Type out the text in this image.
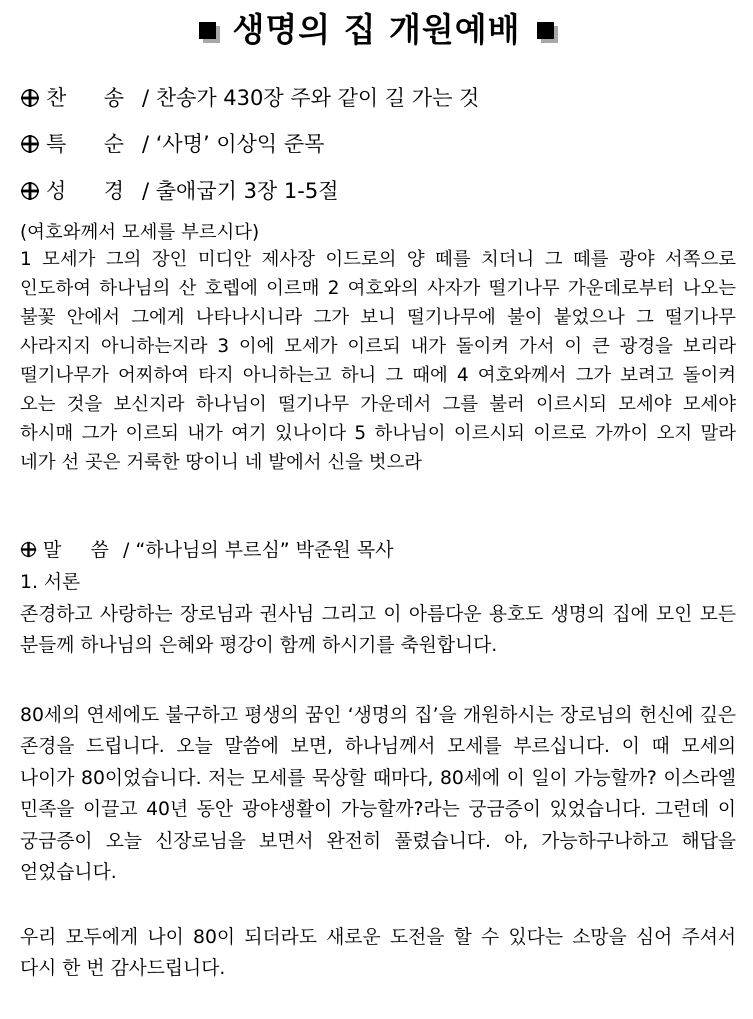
생명의 집 개원예배
찬 송 / 찬송가 430장 주와 같이 길 가는 것
특 순 / ‘사명’ 이상익 준목
성 경 / 출애굽기 3장 1-5절
(여호와께서 모세를 부르시다)

1 모세가 그의 장인 미디안 제사장 이드로의 양 떼를 치더니 그 떼를 광야 서쪽으로 인도하여 하나님의 산 호렙에 이르매 2 여호와의 사자가 떨기나무 가운데로부터 나오는 불꽃 안에서 그에게 나타나시니라 그가 보니 떨기나무에 불이 붙었으나 그 떨기나무 사라지지 아니하는지라 3 이에 모세가 이르되 내가 돌이켜 가서 이 큰 광경을 보리라 떨기나무가 어찌하여 타지 아니하는고 하니 그 때에 4 여호와께서 그가 보려고 돌이켜 오는 것을 보신지라 하나님이 떨기나무 가운데서 그를 불러 이르시되 모세야 모세야 하시매 그가 이르되 내가 여기 있나이다 5 하나님이 이르시되 이르로 가까이 오지 말라 네가 선 곳은 거룩한 땅이니 네 발에서 신을 벗으라

말 씀 / “하나님의 부르심” 박준원 목사
1. 서론

존경하고 사랑하는 장로님과 권사님 그리고 이 아름다운 용호도 생명의 집에 모인 모든 분들께 하나님의 은혜와 평강이 함께 하시기를 축원합니다.

80세의 연세에도 불구하고 평생의 꿈인 ‘생명의 집’을 개원하시는 장로님의 헌신에 깊은 존경을 드립니다. 오늘 말씀에 보면, 하나님께서 모세를 부르십니다. 이 때 모세의 나이가 80이었습니다. 저는 모세를 묵상할 때마다, 80세에 이 일이 가능할까? 이스라엘 민족을 이끌고 40년 동안 광야생활이 가능할까?라는 궁금증이 있었습니다. 그런데 이 궁금증이 오늘 신장로님을 보면서 완전히 풀렸습니다. 아, 가능하구나하고 해답을 얻었습니다.

우리 모두에게 나이 80이 되더라도 새로운 도전을 할 수 있다는 소망을 심어 주셔서 다시 한 번 감사드립니다.
